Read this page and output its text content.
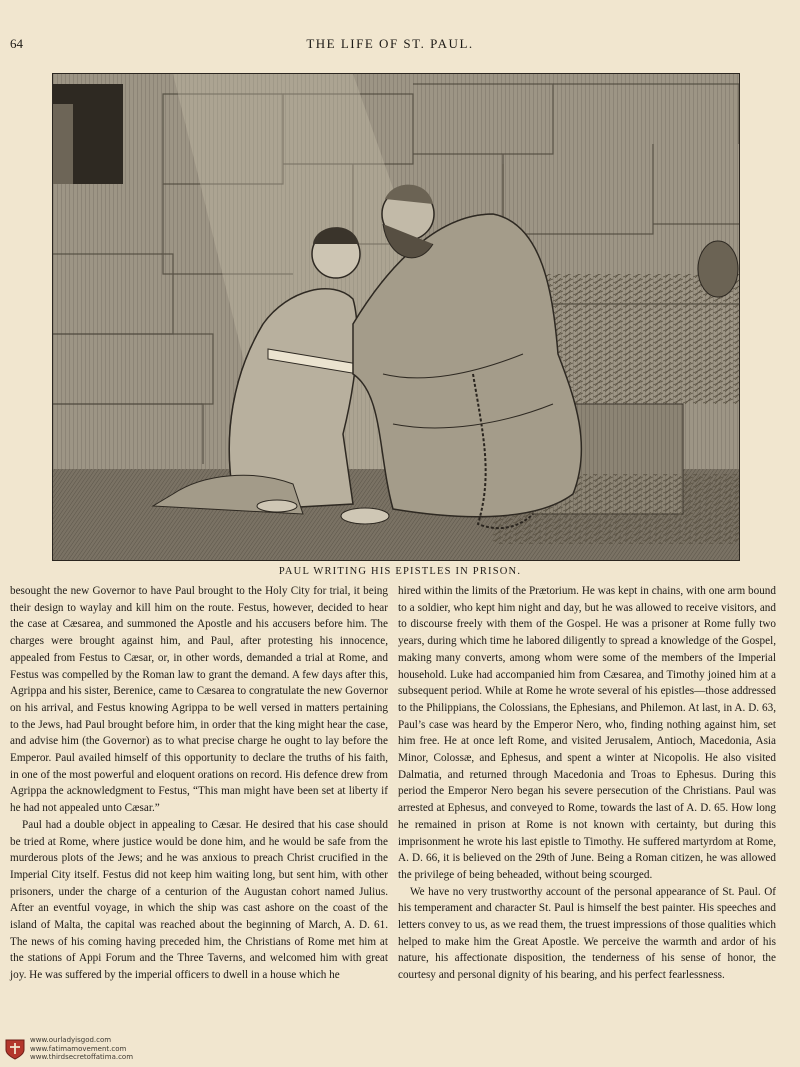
64	THE LIFE OF ST. PAUL.
PAUL WRITING HIS EPISTLES IN PRISON.

besought the new Governor to have Paul brought to the Holy City for trial, it being their design to waylay and kill him on the route. Festus, however, decided to hear the case at Cæsarea, and summoned the Apostle and his accusers before him. The charges were brought against him, and Paul, after protesting his innocence, appealed from Festus to Cæsar, or, in other words, demanded a trial at Rome, and Festus was compelled by the Roman law to grant the demand. A few days after this, Agrippa and his sister, Berenice, came to Cæsarea to congratulate the new Governor on his arrival, and Festus knowing Agrippa to be well versed in matters pertaining to the Jews, had Paul brought before him, in order that the king might hear the case, and advise him (the Governor) as to what precise charge he ought to lay before the Emperor. Paul availed himself of this opportunity to declare the truths of his faith, in one of the most powerful and eloquent orations on record. His defence drew from Agrippa the acknowledgment to Festus, “This man might have been set at liberty if he had not appealed unto Cæsar.”

Paul had a double object in appealing to Cæsar. He desired that his case should be tried at Rome, where justice would be done him, and he would be safe from the murderous plots of the Jews; and he was anxious to preach Christ crucified in the Imperial City itself. Festus did not keep him waiting long, but sent him, with other prisoners, under the charge of a centurion of the Augustan cohort named Julius. After an eventful voyage, in which the ship was cast ashore on the coast of the island of Malta, the capital was reached about the beginning of March, A. D. 61. The news of his coming having preceded him, the Christians of Rome met him at the stations of Appi Forum and the Three Taverns, and welcomed him with great joy. He was suffered by the imperial officers to dwell in a house which he

hired within the limits of the Prætorium. He was kept in chains, with one arm bound to a soldier, who kept him night and day, but he was allowed to receive visitors, and to discourse freely with them of the Gospel. He was a prisoner at Rome fully two years, during which time he labored diligently to spread a knowledge of the Gospel, making many converts, among whom were some of the members of the Imperial household. Luke had accompanied him from Cæsarea, and Timothy joined him at a subsequent period. While at Rome he wrote several of his epistles—those addressed to the Philippians, the Colossians, the Ephesians, and Philemon. At last, in A. D. 63, Paul’s case was heard by the Emperor Nero, who, finding nothing against him, set him free. He at once left Rome, and visited Jerusalem, Antioch, Macedonia, Asia Minor, Colossæ, and Ephesus, and spent a winter at Nicopolis. He also visited Dalmatia, and returned through Macedonia and Troas to Ephesus. During this period the Emperor Nero began his severe persecution of the Christians. Paul was arrested at Ephesus, and conveyed to Rome, towards the last of A. D. 65. How long he remained in prison at Rome is not known with certainty, but during this imprisonment he wrote his last epistle to Timothy. He suffered martyrdom at Rome, A. D. 66, it is believed on the 29th of June. Being a Roman citizen, he was allowed the privilege of being beheaded, without being scourged.

We have no very trustworthy account of the personal appearance of St. Paul. Of his temperament and character St. Paul is himself the best painter. His speeches and letters convey to us, as we read them, the truest impressions of those qualities which helped to make him the Great Apostle. We perceive the warmth and ardor of his nature, his affectionate disposition, the tenderness of his sense of honor, the courtesy and personal dignity of his bearing, and his perfect fearlessness.

www.ourladyisgod.com
www.fatimamovement.com
www.thirdsecretoffatima.com
